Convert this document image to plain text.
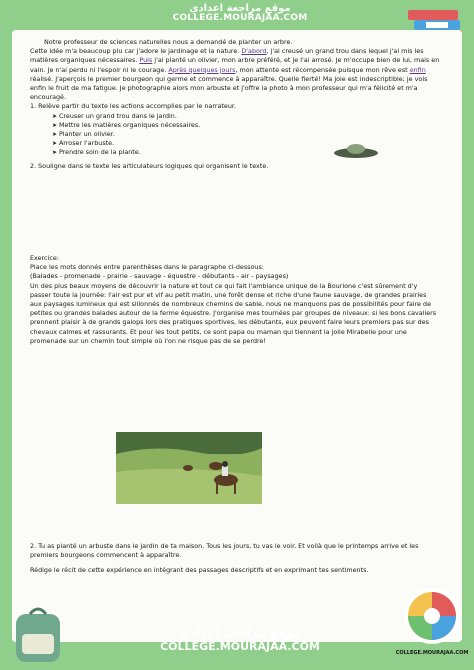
موقع مراجعة اعدادي
COLLEGE.MOURAJAA.COM

Notre professeur de sciences naturelles nous a demandé de planter un arbre.

Cette idée m'a beaucoup plu car j'adore le jardinage et la nature. D'abord, j'ai creusé un grand trou dans lequel j'ai mis les matières organiques nécessaires. Puis j'ai planté un olivier, mon arbre préféré, et je l'ai arrosé. Je m'occupe bien de lui, mais en vain. Je n'ai perdu ni l'espoir ni le courage. Après quelques jours, mon attente est récompensée puisque mon rêve est enfin réalisé. J'aperçois le premier bourgeon qui germe et commence à apparaître. Quelle fierté! Ma joie est indescriptible; je vois enfin le fruit de ma fatigue. Je photographie alors mon arbuste et j'offre la photo à mon professeur qui m'a félicité et m'a encouragé.

1. Relève partir du texte les actions accomplies par le narrateur.

➤ Creuser un grand trou dans le jardin.
➤ Mettre les matières organiques nécessaires.
➤ Planter un olivier.
➤ Arroser l'arbuste.
➤ Prendre soin de la plante.

2. Souligne dans le texte les articulateurs logiques qui organisent le texte.

Exercice:

Place les mots donnés entre parenthèses dans le paragraphe ci-dessous:

(Balades - promenade - prairie - sauvage - équestre - débutants - air - paysages)

Un des plus beaux moyens de découvrir la nature et tout ce qui fait l'ambiance unique de la Bourione c'est sûrement d'y passer toute la journée: l'air est pur et vif au petit matin, une forêt dense et riche d'une faune sauvage, de grandes prairies aux paysages lumineux qui est sillonnés de nombreux chemins de sable, nous ne manquons pas de possibilités pour faire de petites ou grandes balades autour de la ferme équestre. J'organise mes tournées par groupes de niveaux: si les bons cavaliers prennent plaisir à de grands galops lors des pratiques sportives, les débutants, eux peuvent faire leurs premiers pas sur des chevaux calmes et rassurants. Et pour les tout petits, ce sont papa ou maman qui tiennent la jolie Mirabelle pour une promenade sur un chemin tout simple où l'on ne risque pas de se perdre!

2. Tu as planté un arbuste dans le jardin de ta maison. Tous les jours, tu vas le voir. Et voilà que le printemps arrive et les premiers bourgeons commencent à apparaître.

Rédige le récit de cette expérience en intégrant des passages descriptifs et en exprimant tes sentiments.

موقع مراجعة اعدادي
COLLEGE.MOURAJAA.COM
COLLEGE.MOURAJAA.COM
